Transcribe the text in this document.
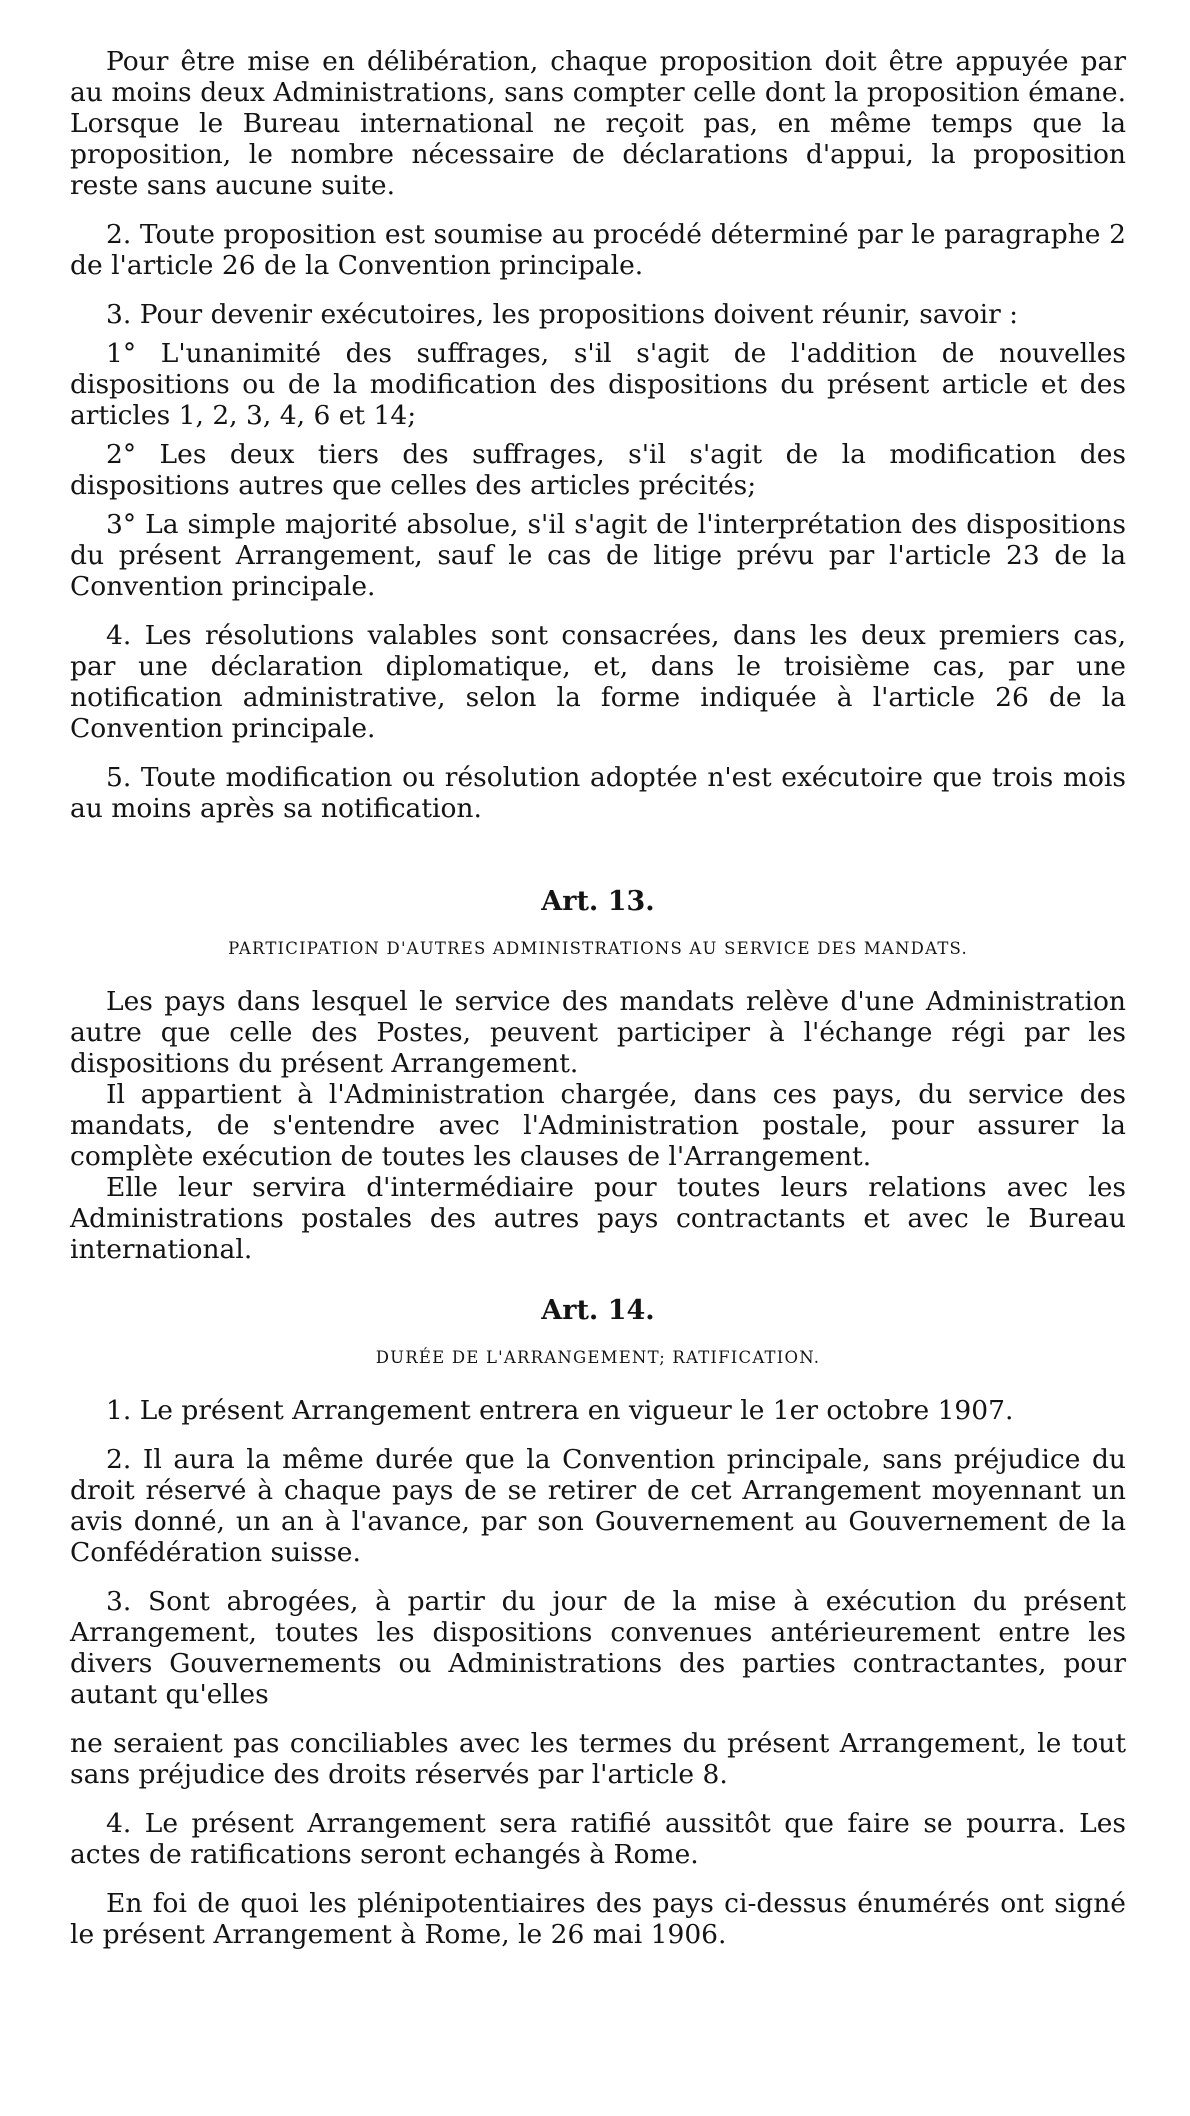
Pour être mise en délibération, chaque proposition doit être appuyée par au moins deux Administrations, sans compter celle dont la proposition émane. Lorsque le Bureau international ne reçoit pas, en même temps que la proposition, le nombre nécessaire de déclarations d'appui, la proposition reste sans aucune suite.

2. Toute proposition est soumise au procédé déterminé par le paragraphe 2 de l'article 26 de la Convention principale.

3. Pour devenir exécutoires, les propositions doivent réunir, savoir :

1° L'unanimité des suffrages, s'il s'agit de l'addition de nouvelles dispositions ou de la modification des dispositions du présent article et des articles 1, 2, 3, 4, 6 et 14;

2° Les deux tiers des suffrages, s'il s'agit de la modification des dispositions autres que celles des articles précités;

3° La simple majorité absolue, s'il s'agit de l'interprétation des dispositions du présent Arrangement, sauf le cas de litige prévu par l'article 23 de la Convention principale.

4. Les résolutions valables sont consacrées, dans les deux premiers cas, par une déclaration diplomatique, et, dans le troisième cas, par une notification administrative, selon la forme indiquée à l'article 26 de la Convention principale.

5. Toute modification ou résolution adoptée n'est exécutoire que trois mois au moins après sa notification.

Art. 13.

PARTICIPATION D'AUTRES ADMINISTRATIONS AU SERVICE DES MANDATS.

Les pays dans lesquel le service des mandats relève d'une Administration autre que celle des Postes, peuvent participer à l'échange régi par les dispositions du présent Arrangement.

Il appartient à l'Administration chargée, dans ces pays, du service des mandats, de s'entendre avec l'Administration postale, pour assurer la complète exécution de toutes les clauses de l'Arrangement.

Elle leur servira d'intermédiaire pour toutes leurs relations avec les Administrations postales des autres pays contractants et avec le Bureau international.

Art. 14.

DURÉE DE L'ARRANGEMENT; RATIFICATION.

1. Le présent Arrangement entrera en vigueur le 1er octobre 1907.

2. Il aura la même durée que la Convention principale, sans préjudice du droit réservé à chaque pays de se retirer de cet Arrangement moyennant un avis donné, un an à l'avance, par son Gouvernement au Gouvernement de la Confédération suisse.

3. Sont abrogées, à partir du jour de la mise à exécution du présent Arrangement, toutes les dispositions convenues antérieurement entre les divers Gouvernements ou Administrations des parties contractantes, pour autant qu'elles

ne seraient pas conciliables avec les termes du présent Arrangement, le tout sans préjudice des droits réservés par l'article 8.

4. Le présent Arrangement sera ratifié aussitôt que faire se pourra. Les actes de ratifications seront echangés à Rome.

En foi de quoi les plénipotentiaires des pays ci-dessus énumérés ont signé le présent Arrangement à Rome, le 26 mai 1906.
